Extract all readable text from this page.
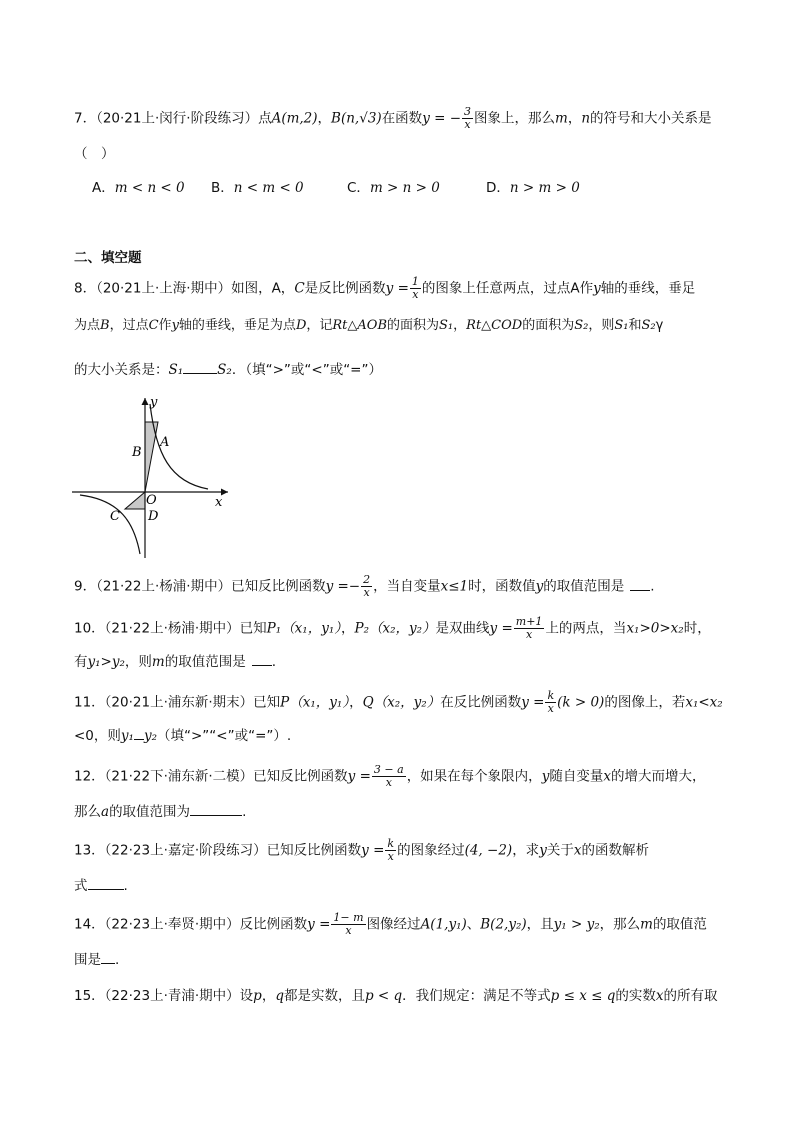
7．（20·21上·闵行·阶段练习）点A(m,2)，B(n,√3)在函数y = − $\frac{3}{x}$ 图象上，那么m，n的符号和大小关系是
（　）
A．m < n < 0 B．n < m < 0	C．m > n > 0	D．n > m > 0
二、填空题
8．（20·21上·上海·期中）如图，A，C是反比例函数$y = \frac{1}{x}$ 的图象上任意两点，过点A作y轴的垂线，垂足
为点B，过点C作y轴的垂线，垂足为点D，记Rt△AOB的面积为S₁，Rt△COD的面积为S₂，则S₁和S₂γ
的大小关系是：S₁	S₂．（填“>”或“<”或“=”）
y
x
A
B
O
C D
9．（21·22上·杨浦·期中）已知反比例函数$y =- \frac{2}{x}$ ，当自变量x≤1时，函数值y的取值范围是 .
10．（21·22上·杨浦·期中）已知P₁（x₁，y₁），P₂（x₂，y₂）是双曲线$y = \frac{m+1}{x}$ 上的两点，当x₁>0>x₂时，
有y₁>y₂，则m的取值范围是 .
11．（20·21上·浦东新·期末）已知P（x₁，y₁），Q（x₂，y₂）在反比例函数$y = \frac{k}{x} (k > 0)$的图像上，若x₁<x₂
<0，则y₁ y₂（填“>”“<”或“=”）.
12．（21·22下·浦东新·二模）已知反比例函数$y = \frac{3 - a}{x}$ ，如果在每个象限内，y随自变量x的增大而增大，
那么a的取值范围为	.
13．（22·23上·嘉定·阶段练习）已知反比例函数$y = \frac{k}{x}$ 的图象经过(4, −2)，求y关于x的函数解析
式	.
14．（22·23上·奉贤·期中）反比例函数$y = \frac{1- m}{x}$ 图像经过A(1,y₁)、B(2,y₂)，且y₁ > y₂，那么m的取值范
围是 .
15．（22·23上·青浦·期中）设p，q都是实数，且p < q．我们规定：满足不等式p ≤ x ≤ q的实数x的所有取
